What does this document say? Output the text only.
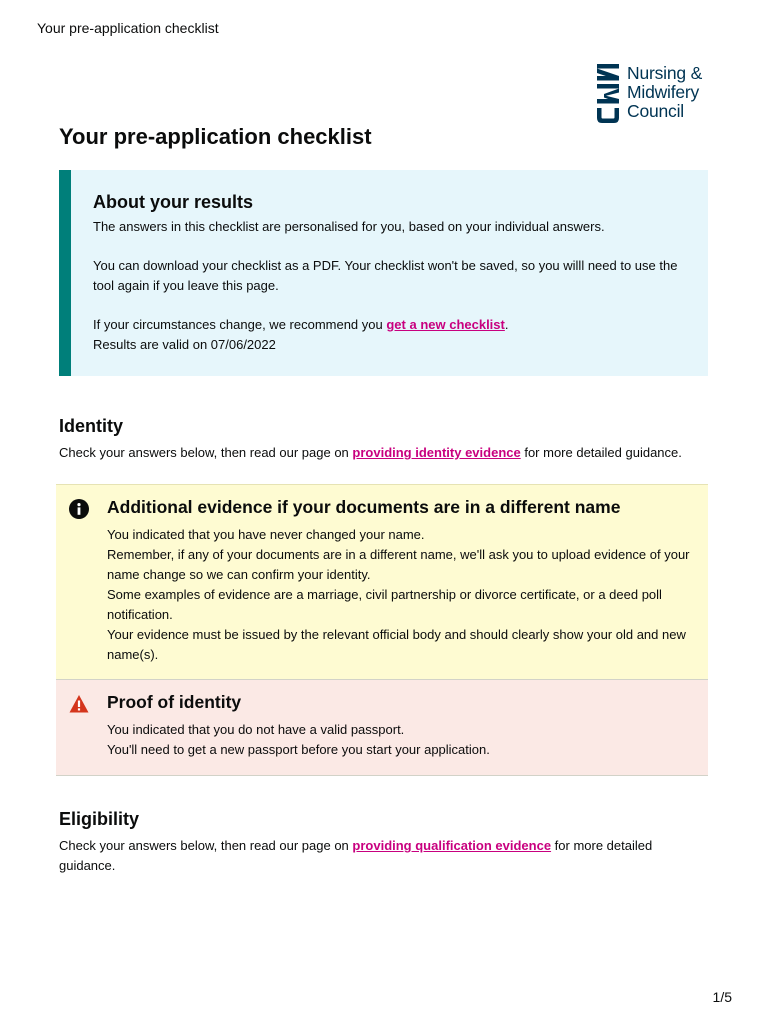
Your pre-application checklist
Nursing &
Midwifery
Council
Your pre-application checklist
About your results

The answers in this checklist are personalised for you, based on your individual answers.

You can download your checklist as a PDF. Your checklist won't be saved, so you willl need to use the tool again if you leave this page.

If your circumstances change, we recommend you get a new checklist.

Results are valid on 07/06/2022

Identity

Check your answers below, then read our page on providing identity evidence for more detailed guidance.

Additional evidence if your documents are in a different name

You indicated that you have never changed your name.

Remember, if any of your documents are in a different name, we'll ask you to upload evidence of your name change so we can confirm your identity.

Some examples of evidence are a marriage, civil partnership or divorce certificate, or a deed poll notification.

Your evidence must be issued by the relevant official body and should clearly show your old and new name(s).

Proof of identity

You indicated that you do not have a valid passport.

You'll need to get a new passport before you start your application.

Eligibility

Check your answers below, then read our page on providing qualification evidence for more detailed guidance.

1/5
